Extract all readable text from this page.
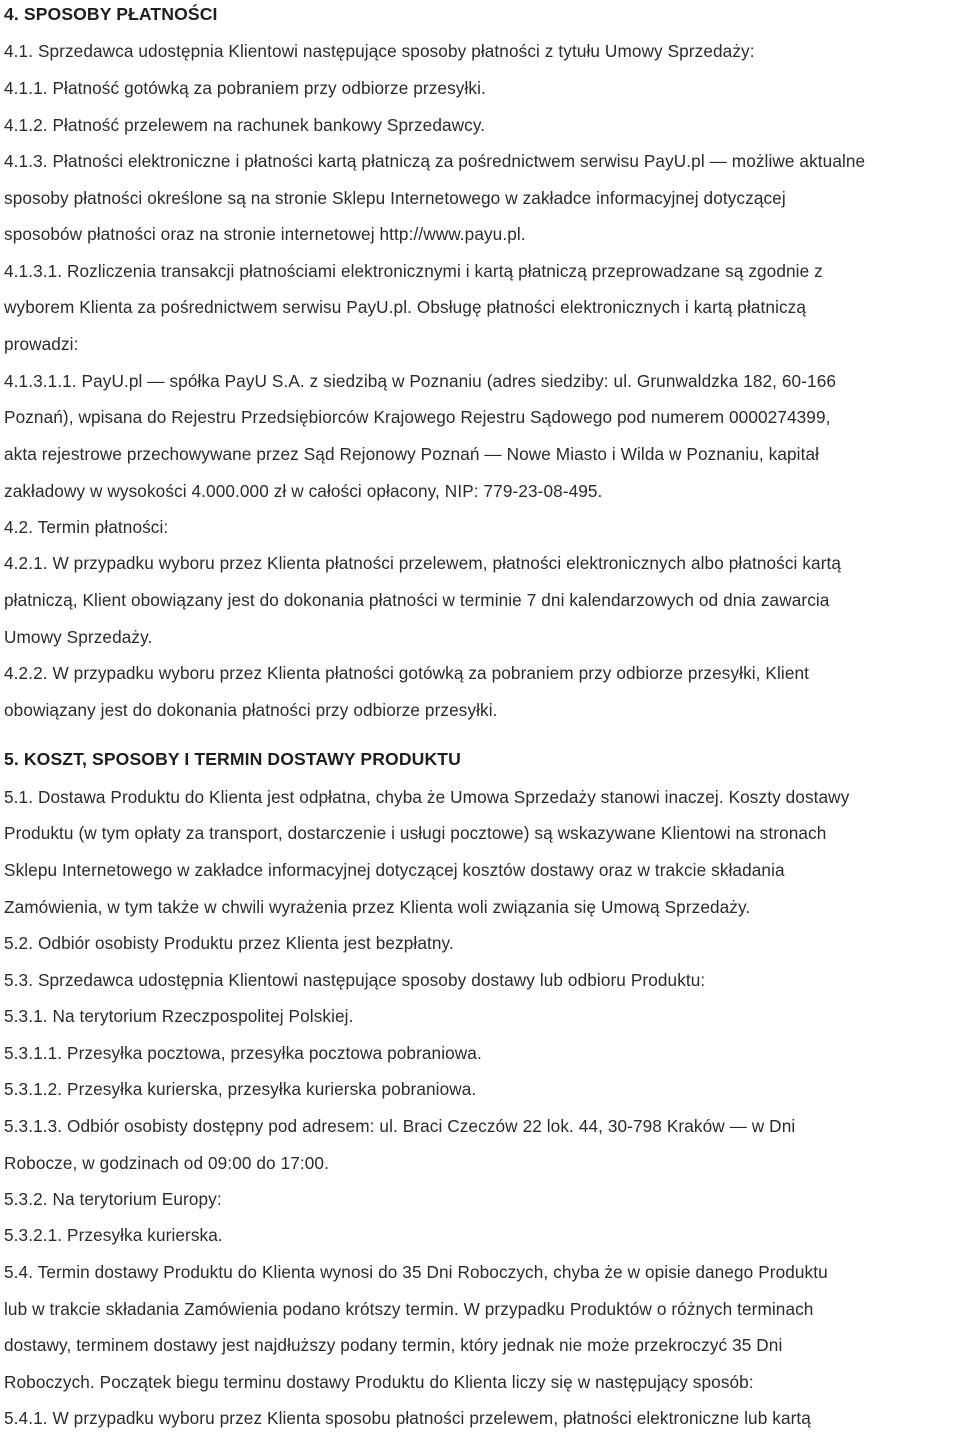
4. SPOSOBY PŁATNOŚCI
4.1. Sprzedawca udostępnia Klientowi następujące sposoby płatności z tytułu Umowy Sprzedaży:
4.1.1. Płatność gotówką za pobraniem przy odbiorze przesyłki.
4.1.2. Płatność przelewem na rachunek bankowy Sprzedawcy.
4.1.3. Płatności elektroniczne i płatności kartą płatniczą za pośrednictwem serwisu PayU.pl — możliwe aktualne
sposoby płatności określone są na stronie Sklepu Internetowego w zakładce informacyjnej dotyczącej
sposobów płatności oraz na stronie internetowej http://www.payu.pl.
4.1.3.1. Rozliczenia transakcji płatnościami elektronicznymi i kartą płatniczą przeprowadzane są zgodnie z
wyborem Klienta za pośrednictwem serwisu PayU.pl. Obsługę płatności elektronicznych i kartą płatniczą
prowadzi:
4.1.3.1.1. PayU.pl — spółka PayU S.A. z siedzibą w Poznaniu (adres siedziby: ul. Grunwaldzka 182, 60-166
Poznań), wpisana do Rejestru Przedsiębiorców Krajowego Rejestru Sądowego pod numerem 0000274399,
akta rejestrowe przechowywane przez Sąd Rejonowy Poznań — Nowe Miasto i Wilda w Poznaniu, kapitał
zakładowy w wysokości 4.000.000 zł w całości opłacony, NIP: 779-23-08-495.
4.2. Termin płatności:
4.2.1. W przypadku wyboru przez Klienta płatności przelewem, płatności elektronicznych albo płatności kartą
płatniczą, Klient obowiązany jest do dokonania płatności w terminie 7 dni kalendarzowych od dnia zawarcia
Umowy Sprzedaży.
4.2.2. W przypadku wyboru przez Klienta płatności gotówką za pobraniem przy odbiorze przesyłki, Klient
obowiązany jest do dokonania płatności przy odbiorze przesyłki.
5. KOSZT, SPOSOBY I TERMIN DOSTAWY PRODUKTU
5.1. Dostawa Produktu do Klienta jest odpłatna, chyba że Umowa Sprzedaży stanowi inaczej. Koszty dostawy
Produktu (w tym opłaty za transport, dostarczenie i usługi pocztowe) są wskazywane Klientowi na stronach
Sklepu Internetowego w zakładce informacyjnej dotyczącej kosztów dostawy oraz w trakcie składania
Zamówienia, w tym także w chwili wyrażenia przez Klienta woli związania się Umową Sprzedaży.
5.2. Odbiór osobisty Produktu przez Klienta jest bezpłatny.
5.3. Sprzedawca udostępnia Klientowi następujące sposoby dostawy lub odbioru Produktu:
5.3.1. Na terytorium Rzeczpospolitej Polskiej.
5.3.1.1. Przesyłka pocztowa, przesyłka pocztowa pobraniowa.
5.3.1.2. Przesyłka kurierska, przesyłka kurierska pobraniowa.
5.3.1.3. Odbiór osobisty dostępny pod adresem: ul. Braci Czeczów 22 lok. 44, 30-798 Kraków — w Dni
Robocze, w godzinach od 09:00 do 17:00.
5.3.2. Na terytorium Europy:
5.3.2.1. Przesyłka kurierska.
5.4. Termin dostawy Produktu do Klienta wynosi do 35 Dni Roboczych, chyba że w opisie danego Produktu
lub w trakcie składania Zamówienia podano krótszy termin. W przypadku Produktów o różnych terminach
dostawy, terminem dostawy jest najdłuższy podany termin, który jednak nie może przekroczyć 35 Dni
Roboczych. Początek biegu terminu dostawy Produktu do Klienta liczy się w następujący sposób:
5.4.1. W przypadku wyboru przez Klienta sposobu płatności przelewem, płatności elektroniczne lub kartą
